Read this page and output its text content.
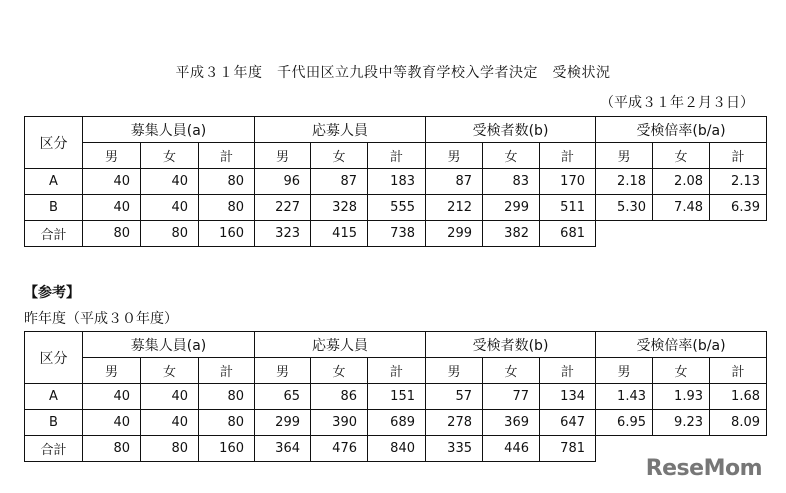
平成３１年度　千代田区立九段中等教育学校入学者決定　受検状況
（平成３１年２月３日）
区分	募集人員(a)			応募人員			受検者数(b)			受検倍率(b/a)		
	男	女	計	男	女	計	男	女	計	男	女	計
A	40	40	80	96	87	183	87	83	170	2.18	2.08	2.13
B	40	40	80	227	328	555	212	299	511	5.30	7.48	6.39
合計	80	80	160	323	415	738	299	382	681			
【参考】
昨年度（平成３０年度）
区分	募集人員(a)			応募人員			受検者数(b)			受検倍率(b/a)		
	男	女	計	男	女	計	男	女	計	男	女	計
A	40	40	80	65	86	151	57	77	134	1.43	1.93	1.68
B	40	40	80	299	390	689	278	369	647	6.95	9.23	8.09
合計	80	80	160	364	476	840	335	446	781			
ReseMom
